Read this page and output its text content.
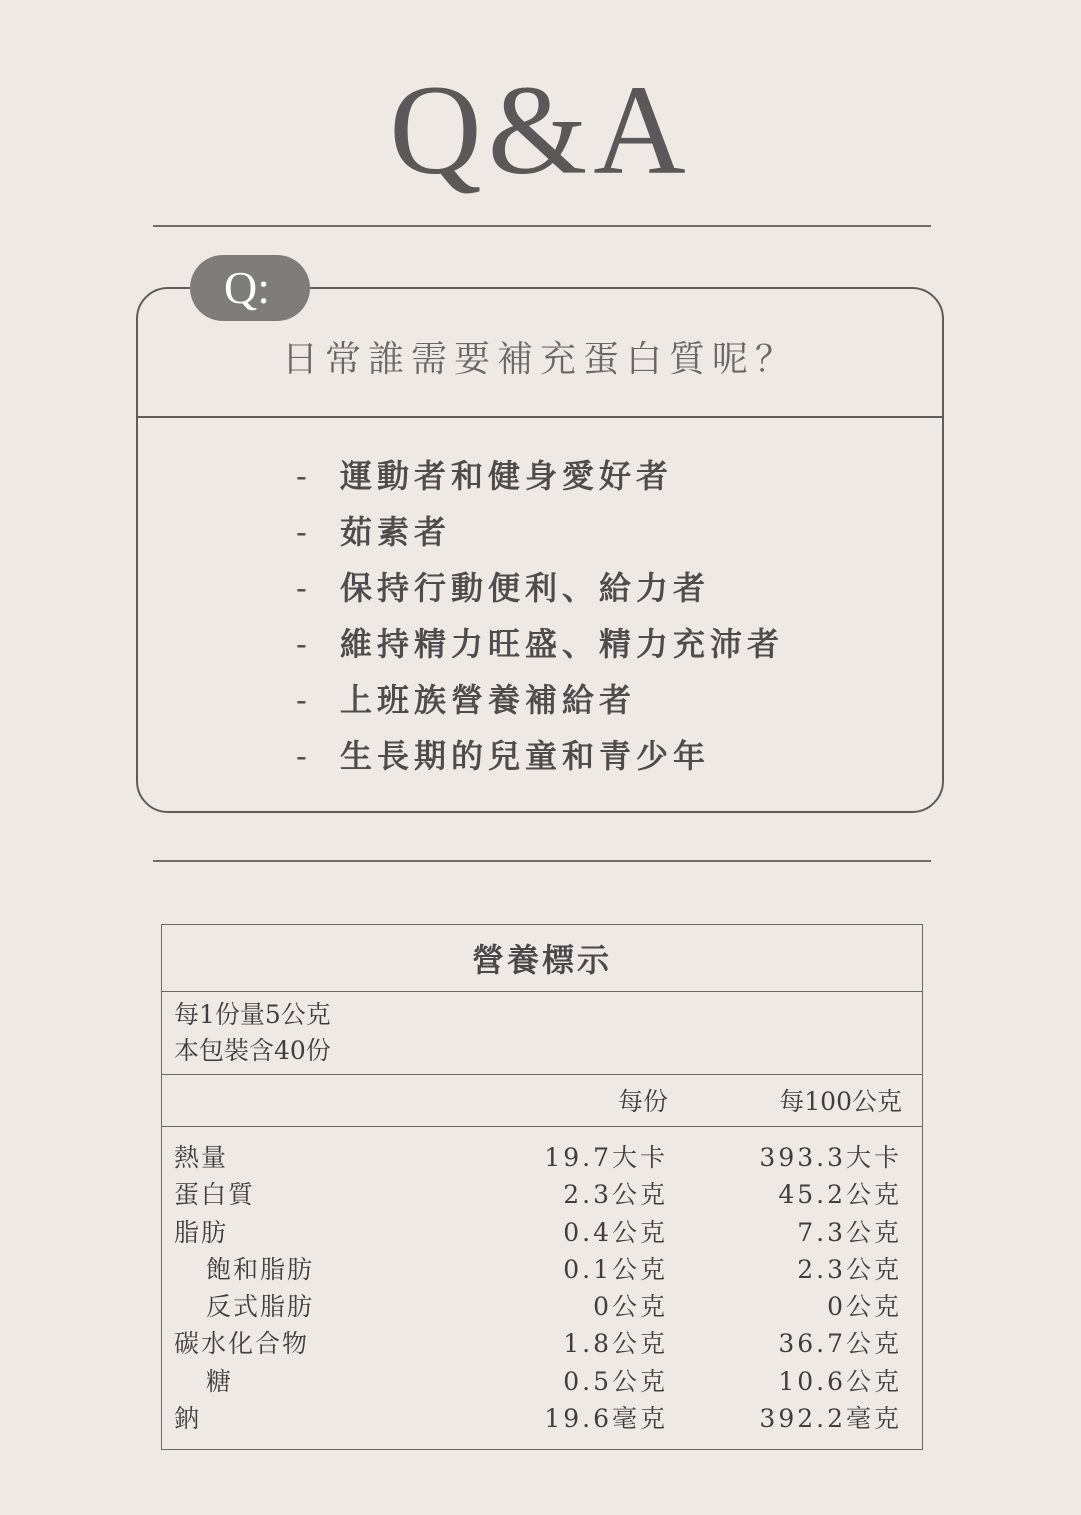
Q&A
Q:
日常誰需要補充蛋白質呢？
- 運動者和健身愛好者
- 茹素者
- 保持行動便利、給力者
- 維持精力旺盛、精力充沛者
- 上班族營養補給者
- 生長期的兒童和青少年
營養標示
每1份量5公克
本包裝含40份
每份	每100公克
熱量	19.7大卡	393.3大卡
蛋白質	2.3公克	45.2公克
脂肪	0.4公克	7.3公克
飽和脂肪	0.1公克	2.3公克
反式脂肪	0公克	0公克
碳水化合物	1.8公克	36.7公克
糖	0.5公克	10.6公克
鈉	19.6毫克	392.2毫克
